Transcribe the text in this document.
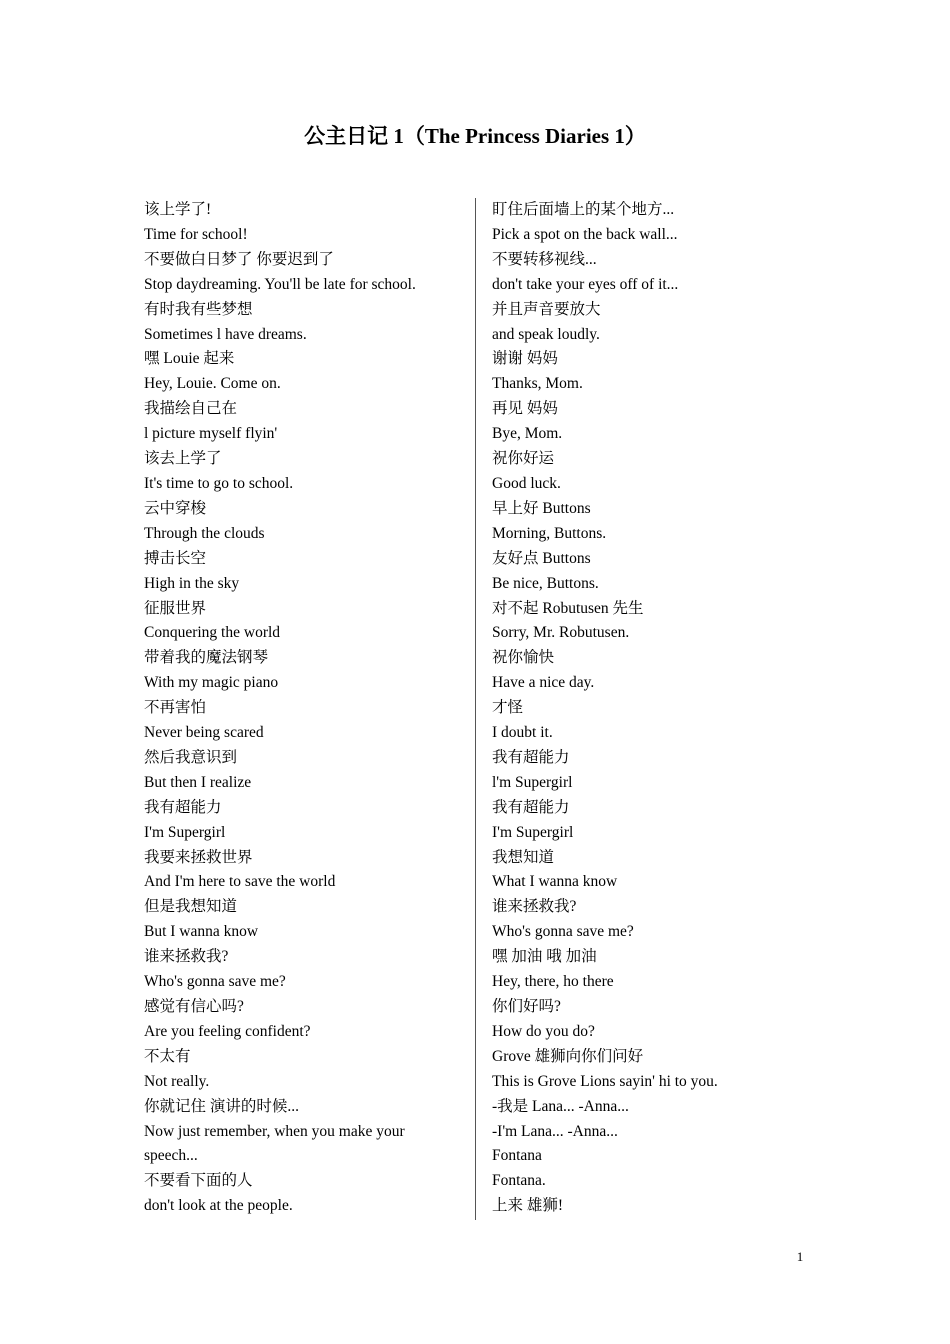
公主日记 1（The Princess Diaries 1）
该上学了!
Time for school!
不要做白日梦了 你要迟到了
Stop daydreaming. You'll be late for school.
有时我有些梦想
Sometimes l have dreams.
嘿 Louie 起来
Hey, Louie. Come on.
我描绘自己在
l picture myself flyin'
该去上学了
It's time to go to school.
云中穿梭
Through the clouds
搏击长空
High in the sky
征服世界
Conquering the world
带着我的魔法钢琴
With my magic piano
不再害怕
Never being scared
然后我意识到
But then I realize
我有超能力
I'm Supergirl
我要来拯救世界
And I'm here to save the world
但是我想知道
But I wanna know
谁来拯救我?
Who's gonna save me?
感觉有信心吗?
Are you feeling confident?
不太有
Not really.
你就记住 演讲的时候...
Now just remember, when you make your speech...
不要看下面的人
don't look at the people.
盯住后面墙上的某个地方...
Pick a spot on the back wall...
不要转移视线...
don't take your eyes off of it...
并且声音要放大
and speak loudly.
谢谢 妈妈
Thanks, Mom.
再见 妈妈
Bye, Mom.
祝你好运
Good luck.
早上好 Buttons
Morning, Buttons.
友好点 Buttons
Be nice, Buttons.
对不起 Robutusen 先生
Sorry, Mr. Robutusen.
祝你愉快
Have a nice day.
才怪
I doubt it.
我有超能力
l'm Supergirl
我有超能力
I'm Supergirl
我想知道
What I wanna know
谁来拯救我?
Who's gonna save me?
嘿 加油 哦 加油
Hey, there, ho there
你们好吗?
How do you do?
Grove 雄狮向你们问好
This is Grove Lions sayin' hi to you.
-我是 Lana... -Anna...
-I'm Lana... -Anna...
Fontana
Fontana.
上来 雄狮!
1
